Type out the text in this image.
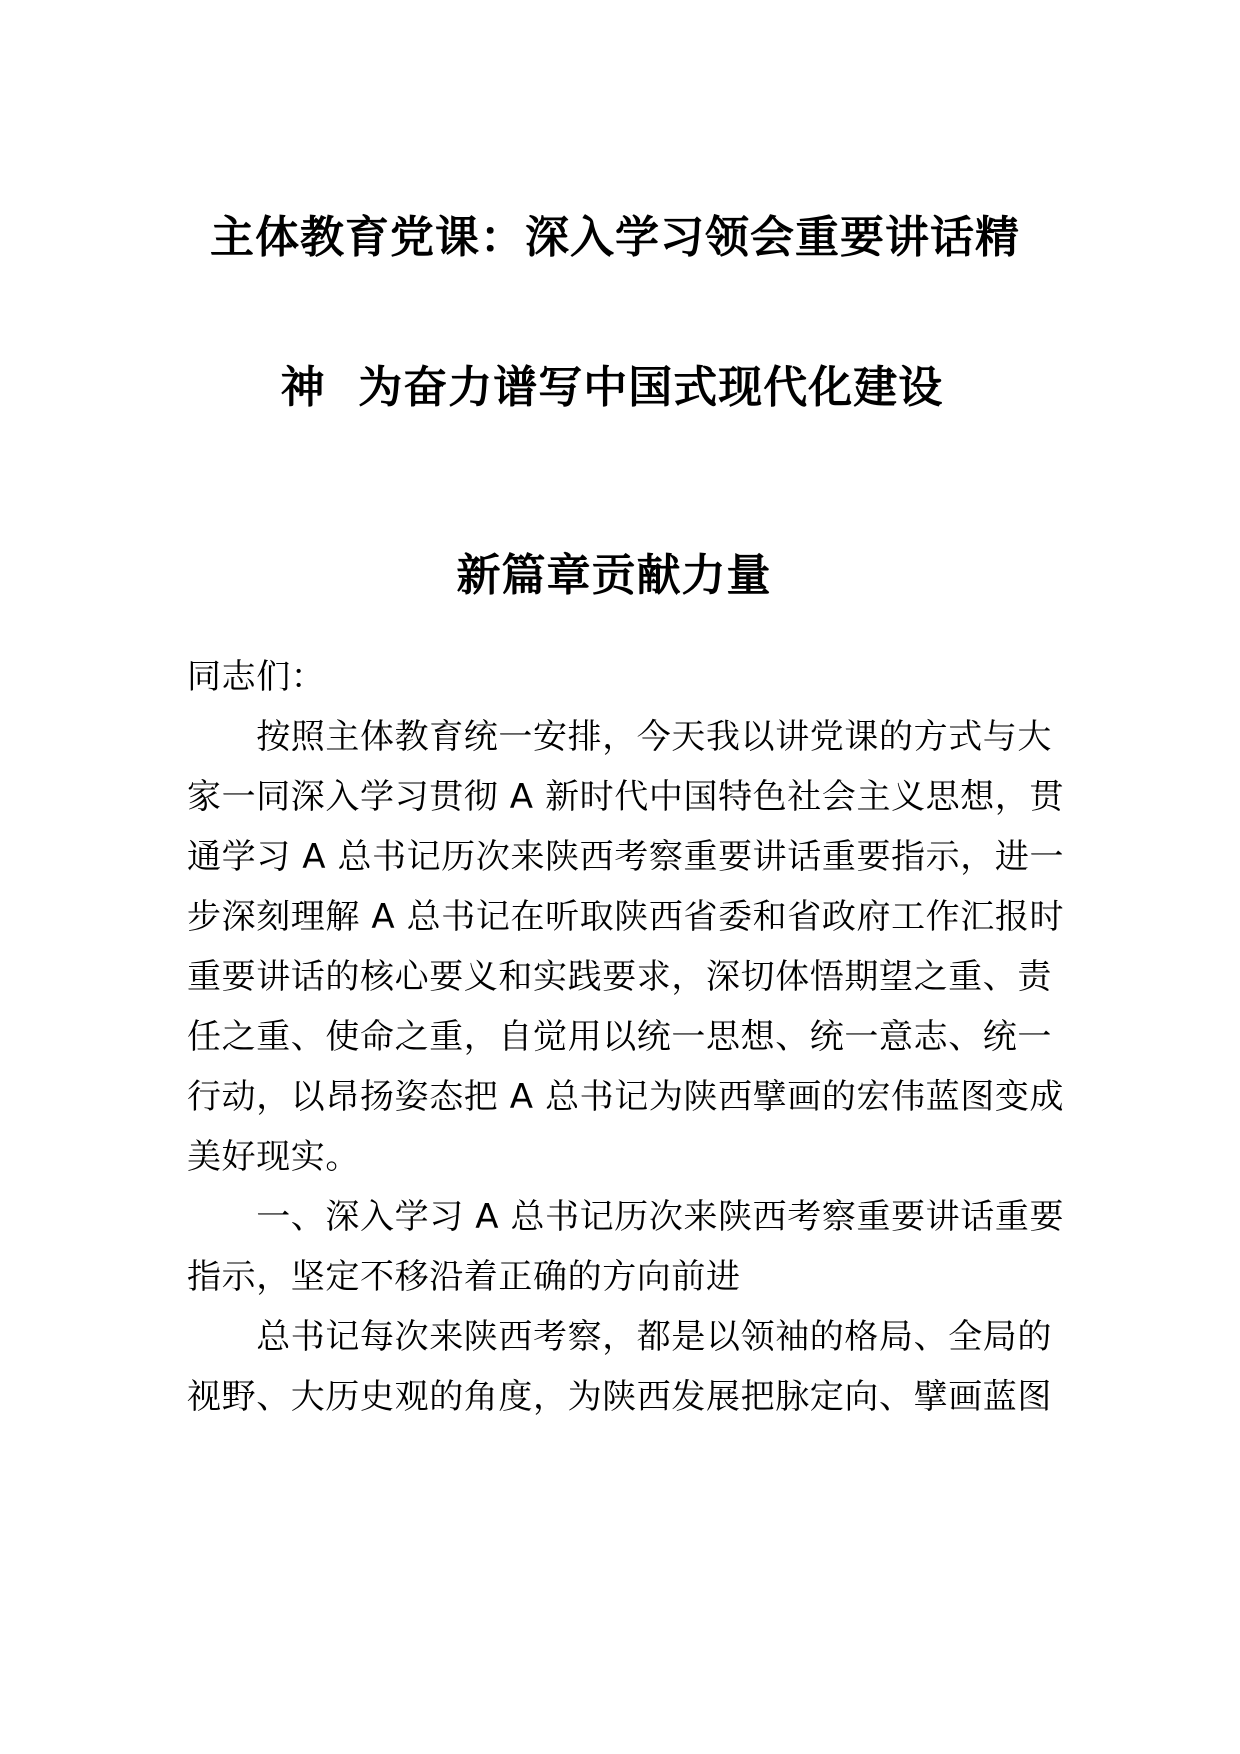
主体教育党课：深入学习领会重要讲话精
神  为奋力谱写中国式现代化建设
新篇章贡献力量
同志们：
　　按照主体教育统一安排，今天我以讲党课的方式与大
家一同深入学习贯彻 A 新时代中国特色社会主义思想，贯
通学习 A 总书记历次来陕西考察重要讲话重要指示，进一
步深刻理解 A 总书记在听取陕西省委和省政府工作汇报时
重要讲话的核心要义和实践要求，深切体悟期望之重、责
任之重、使命之重，自觉用以统一思想、统一意志、统一
行动，以昂扬姿态把 A 总书记为陕西擘画的宏伟蓝图变成
美好现实。
　　一、深入学习 A 总书记历次来陕西考察重要讲话重要
指示，坚定不移沿着正确的方向前进
　　总书记每次来陕西考察，都是以领袖的格局、全局的
视野、大历史观的角度，为陕西发展把脉定向、擘画蓝图
